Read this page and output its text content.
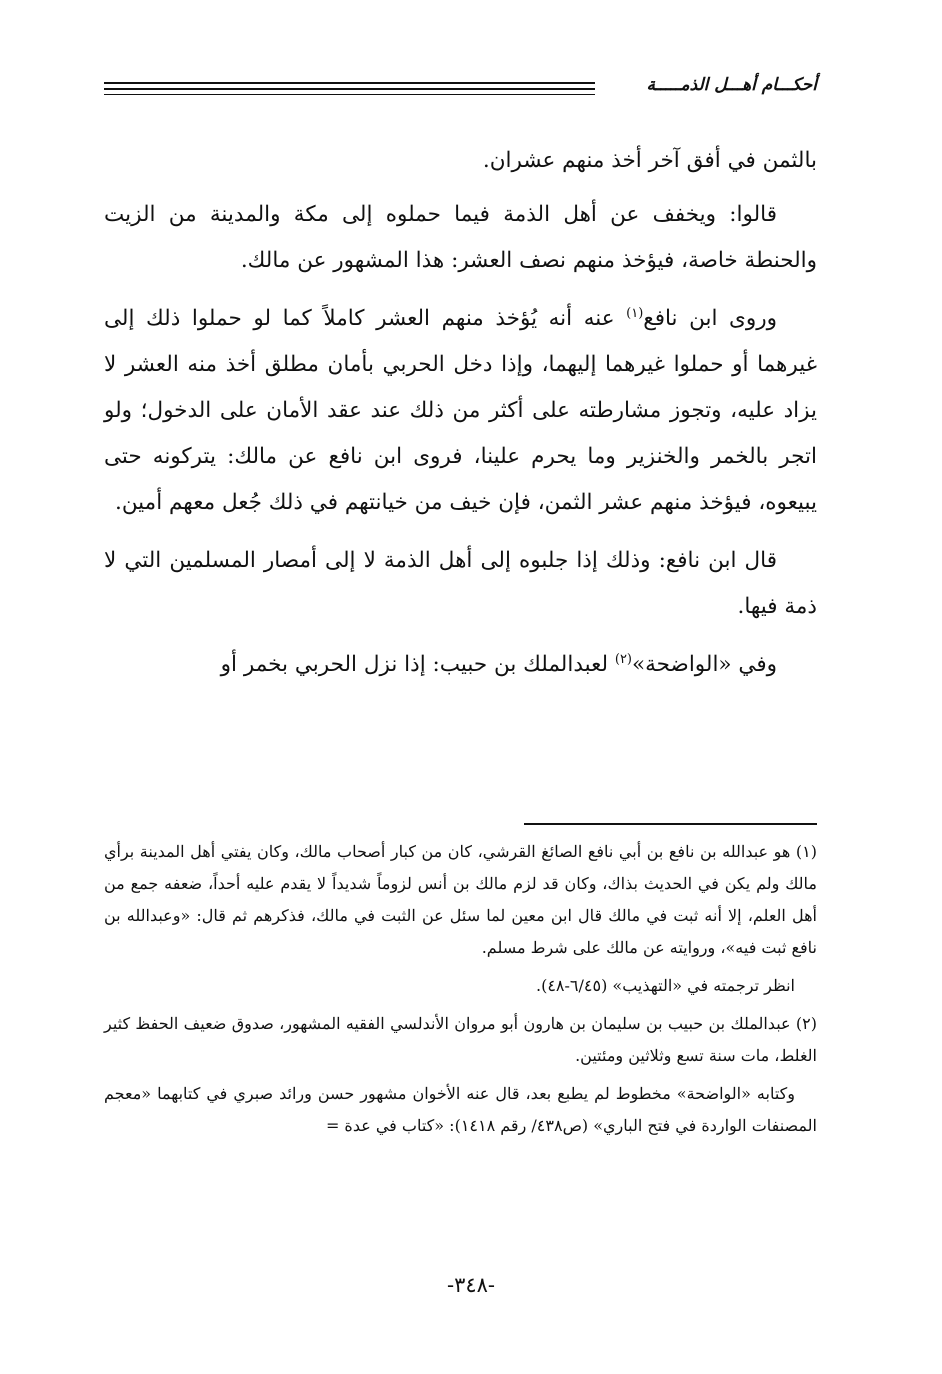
أحكـــام أهـــل الذمـــــة

بالثمن في أفق آخر أخذ منهم عشران.

قالوا: ويخفف عن أهل الذمة فيما حملوه إلى مكة والمدينة من الزيت والحنطة خاصة، فيؤخذ منهم نصف العشر: هذا المشهور عن مالك.

وروى ابن نافع$^{(١)}$ عنه أنه يُؤخذ منهم العشر كاملاً كما لو حملوا ذلك إلى غيرهما أو حملوا غيرهما إليهما، وإذا دخل الحربي بأمان مطلق أخذ منه العشر لا يزاد عليه، وتجوز مشارطته على أكثر من ذلك عند عقد الأمان على الدخول؛ ولو اتجر بالخمر والخنزير وما يحرم علينا، فروى ابن نافع عن مالك: يتركونه حتى يبيعوه، فيؤخذ منهم عشر الثمن، فإن خيف من خيانتهم في ذلك جُعل معهم أمين.

قال ابن نافع: وذلك إذا جلبوه إلى أهل الذمة لا إلى أمصار المسلمين التي لا ذمة فيها.

وفي «الواضحة»$^{(٢)}$ لعبدالملك بن حبيب: إذا نزل الحربي بخمر أو

(١) هو عبدالله بن نافع بن أبي نافع الصائغ القرشي، كان من كبار أصحاب مالك، وكان يفتي أهل المدينة برأي مالك ولم يكن في الحديث بذاك، وكان قد لزم مالك بن أنس لزوماً شديداً لا يقدم عليه أحداً، ضعفه جمع من أهل العلم، إلا أنه ثبت في مالك قال ابن معين لما سئل عن الثبت في مالك، فذكرهم ثم قال: «وعبدالله بن نافع ثبت فيه»، وروايته عن مالك على شرط مسلم.

انظر ترجمته في «التهذيب» (٦/٤٥-٤٨).

(٢) عبدالملك بن حبيب بن سليمان بن هارون أبو مروان الأندلسي الفقيه المشهور، صدوق ضعيف الحفظ كثير الغلط، مات سنة تسع وثلاثين ومئتين.

وكتابه «الواضحة» مخطوط لم يطبع بعد، قال عنه الأخوان مشهور حسن ورائد صبري في كتابهما «معجم المصنفات الواردة في فتح الباري» (ص٤٣٨/ رقم ١٤١٨): «كتاب في عدة =

-٣٤٨-
